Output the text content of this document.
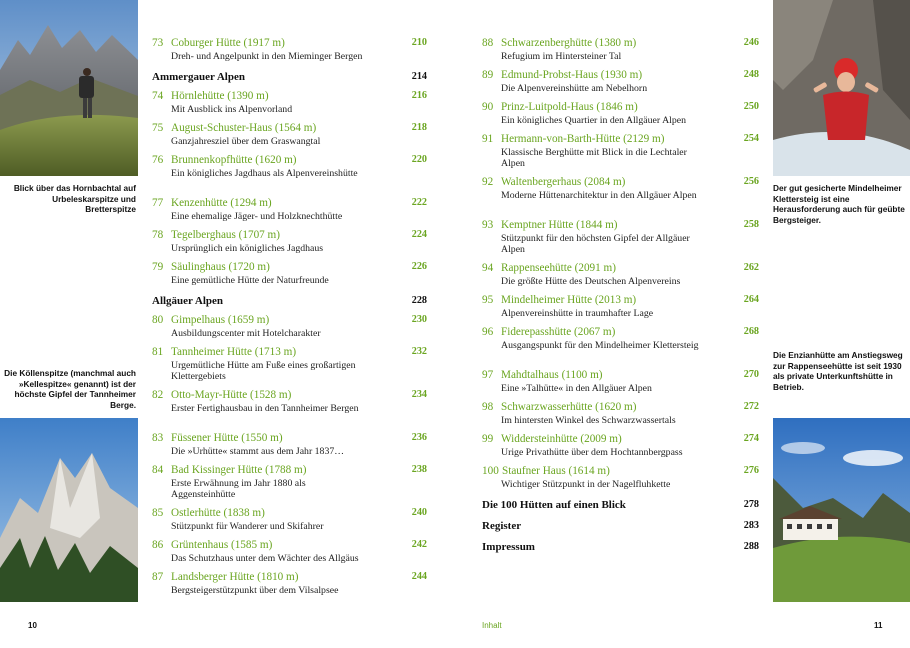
Blick über das Hornbachtal auf Urbeleskarspitze und Bretterspitze
Die Köllenspitze (manchmal auch »Kellespitze« genannt) ist der höchste Gipfel der Tannheimer Berge.
10
73 Coburger Hütte (1917 m)	210
Dreh- und Angelpunkt in den Mieminger Bergen
Ammergauer Alpen	214
74 Hörnlehütte (1390 m)	216
Mit Ausblick ins Alpenvorland
75 August-Schuster-Haus (1564 m)	218
Ganzjahresziel über dem Graswangtal
76 Brunnenkopfhütte (1620 m)	220
Ein königliches Jagdhaus als Alpenvereinshütte
77 Kenzenhütte (1294 m)	222
Eine ehemalige Jäger- und Holzknechthütte
78 Tegelberghaus (1707 m)	224
Ursprünglich ein königliches Jagdhaus
79 Säulinghaus (1720 m)	226
Eine gemütliche Hütte der Naturfreunde
Allgäuer Alpen	228
80 Gimpelhaus (1659 m)	230
Ausbildungscenter mit Hotelcharakter
81 Tannheimer Hütte (1713 m)	232
Urgemütliche Hütte am Fuße eines großartigen Klettergebiets
82 Otto-Mayr-Hütte (1528 m)	234
Erster Fertighausbau in den Tannheimer Bergen
83 Füssener Hütte (1550 m)	236
Die »Urhütte« stammt aus dem Jahr 1837…
84 Bad Kissinger Hütte (1788 m)	238
Erste Erwähnung im Jahr 1880 als Aggensteinhütte
85 Ostlerhütte (1838 m)	240
Stützpunkt für Wanderer und Skifahrer
86 Grüntenhaus (1585 m)	242
Das Schutzhaus unter dem Wächter des Allgäus
87 Landsberger Hütte (1810 m)	244
Bergsteigerstützpunkt über dem Vilsalpsee
88 Schwarzenberghütte (1380 m)	246
Refugium im Hintersteiner Tal
89 Edmund-Probst-Haus (1930 m)	248
Die Alpenvereinshütte am Nebelhorn
90 Prinz-Luitpold-Haus (1846 m)	250
Ein königliches Quartier in den Allgäuer Alpen
91 Hermann-von-Barth-Hütte (2129 m)	254
Klassische Berghütte mit Blick in die Lechtaler Alpen
92 Waltenbergerhaus (2084 m)	256
Moderne Hüttenarchitektur in den Allgäuer Alpen
93 Kemptner Hütte (1844 m)	258
Stützpunkt für den höchsten Gipfel der Allgäuer Alpen
94 Rappenseehütte (2091 m)	262
Die größte Hütte des Deutschen Alpenvereins
95 Mindelheimer Hütte (2013 m)	264
Alpenvereinshütte in traumhafter Lage
96 Fiderepasshütte (2067 m)	268
Ausgangspunkt für den Mindelheimer Klettersteig
97 Mahdtalhaus (1100 m)	270
Eine »Talhütte« in den Allgäuer Alpen
98 Schwarzwasserhütte (1620 m)	272
Im hintersten Winkel des Schwarzwassertals
99 Widdersteinhütte (2009 m)	274
Urige Privathütte über dem Hochtannbergpass
100 Staufner Haus (1614 m)	276
Wichtiger Stützpunkt in der Nagelfluhkette
Die 100 Hütten auf einen Blick	278
Register	283
Impressum	288
Inhalt
Der gut gesicherte Mindelheimer Klettersteig ist eine Herausforderung auch für geübte Bergsteiger.
Die Enzianhütte am Anstiegsweg zur Rappenseehütte ist seit 1930 als private Unterkunftshütte in Betrieb.
11
